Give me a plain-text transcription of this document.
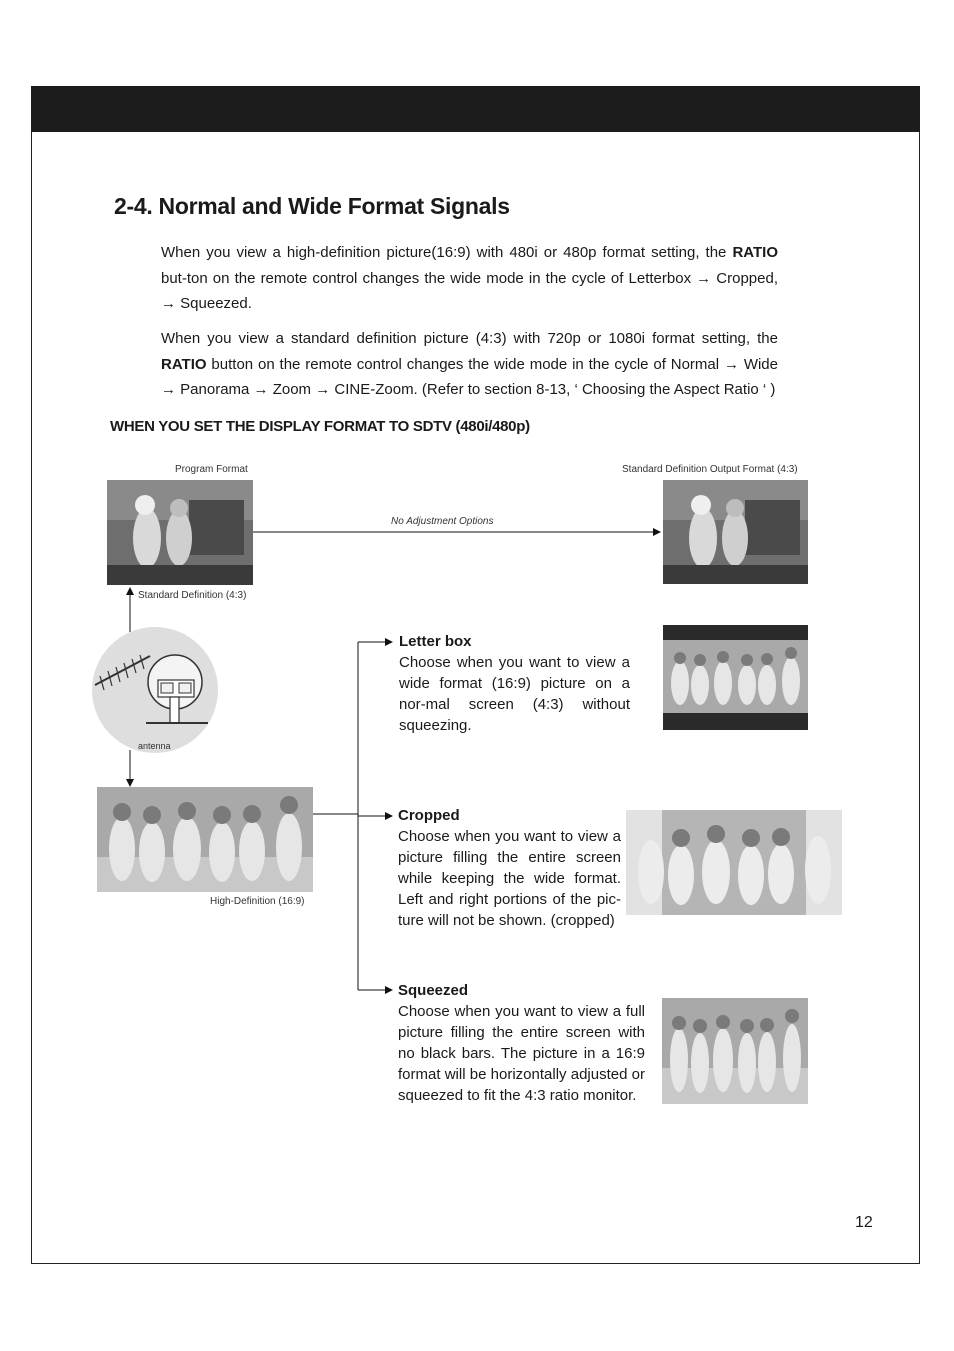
2-4. Normal and Wide Format Signals

When you view a high-definition picture(16:9) with 480i or 480p format setting, the RATIO but-ton on the remote control changes the wide mode in the cycle of Letterbox → Cropped, → Squeezed.

When you view a standard definition picture (4:3) with 720p or 1080i format setting, the RATIO button on the remote control changes the wide mode in the cycle of Normal → Wide → Panorama → Zoom → CINE-Zoom. (Refer to section 8-13, ‘ Choosing the Aspect Ratio ‘ )

WHEN YOU SET THE DISPLAY FORMAT TO SDTV (480i/480p)
Program Format	Standard Definition Output Format (4:3)
No Adjustment Options
Standard Definition (4:3)
antenna
High-Definition (16:9)
Letter box
Choose when you want to view a wide format (16:9) picture on a nor-mal screen (4:3) without squeezing.
Cropped
Choose when you want to view a picture filling the entire screen while keeping the wide format. Left and right portions of the pic-ture will not be shown. (cropped)
Squeezed
Choose when you want to view a full picture filling the entire screen with no black bars. The picture in a 16:9 format will be horizontally adjusted or squeezed to fit the 4:3 ratio monitor.
12
